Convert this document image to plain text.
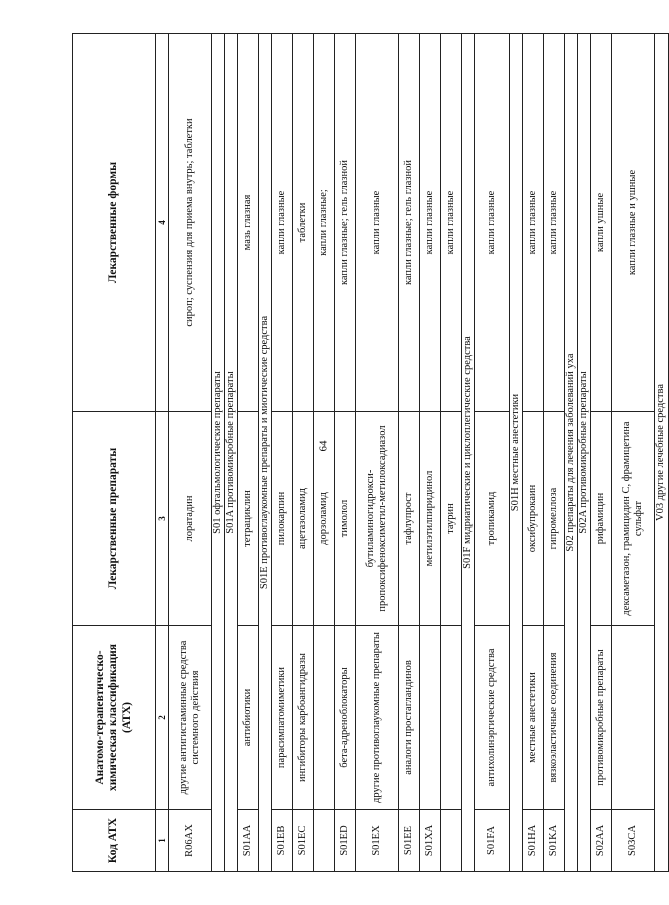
64
Код АТХ	Анатомо-терапевтическо-химическая классификация (АТХ)	Лекарственные препараты	Лекарственные формы
1	2	3	4
R06AX	другие антигистаминные средства системного действия	лоратадин	сироп; суспензия для приема внутрь; таблетки
S01 офтальмологические препараты			
S01A противомикробные препараты			
S01AA	антибиотики	тетрациклин	мазь глазная
S01E противоглаукомные препараты и миотические средства			
S01EB	парасимпатомиметики	пилокарпин	капли глазные
S01EC	ингибиторы карбоангидразы	ацетазоламид	таблетки
		дорзоламид	капли глазные;
S01ED	бета-адреноблокаторы	тимолол	капли глазные; гель глазной
S01EX	другие противоглаукомные препараты	бутиламиногидрокси-пропоксифеноксиметил-метилоксадиазол	капли глазные
S01EE	аналоги простагландинов	тафлупрост	капли глазные; гель глазной
S01XA		метилэтилпиридинол	капли глазные
		таурин	капли глазные
S01F мидриатические и циклоплегические средства			
S01FA	антихолинэргические средства	тропикамид	капли глазные
S01H местные анестетики			
S01HA	местные анестетики	оксибупрокаин	капли глазные
S01KA	вязкоэластичные соединения	гипромеллоза	капли глазные
S02 препараты для лечения заболеваний уха			
S02A противомикробные препараты			
S02AA	противомикробные препараты	рифамицин	капли ушные
S03CA		дексаметазон, грамицидин С, фрамицетина сульфат	капли глазные и ушные
V03 другие лечебные средства			
